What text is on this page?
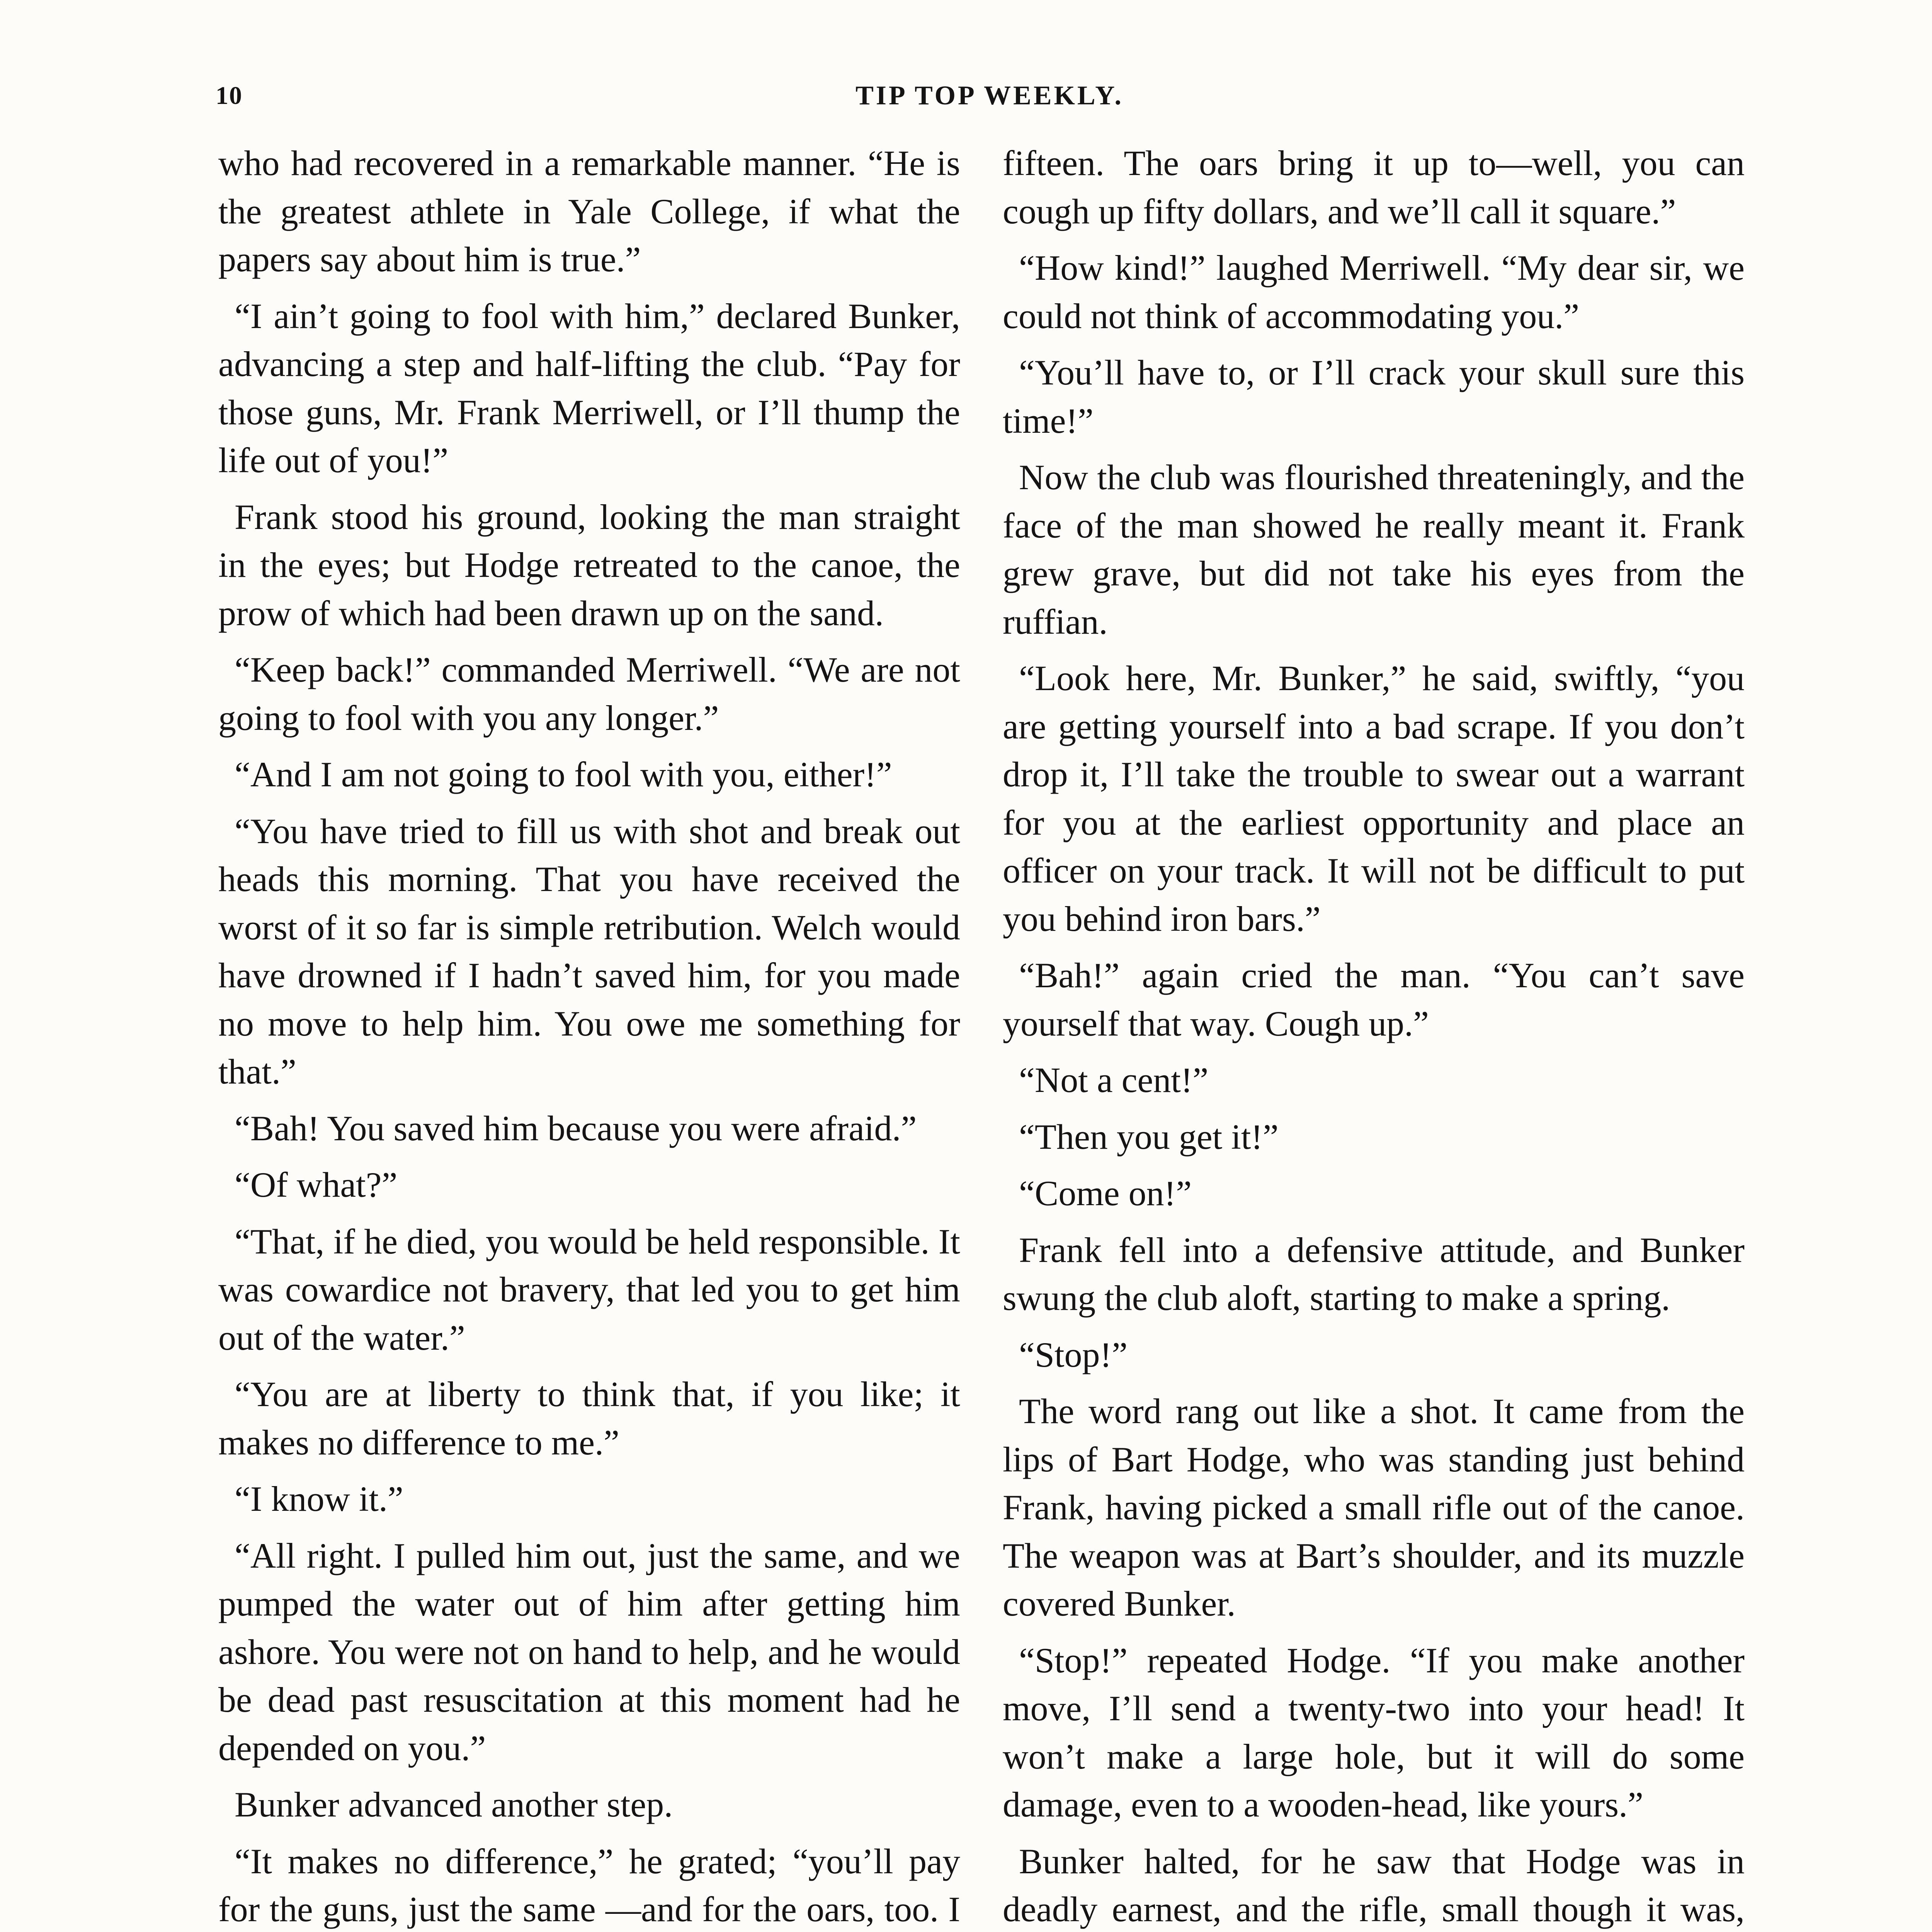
10	TIP TOP WEEKLY.

who had recovered in a remarkable manner. “He is the greatest athlete in Yale College, if what the papers say about him is true.”

“I ain’t going to fool with him,” declared Bunker, advancing a step and half-lifting the club. “Pay for those guns, Mr. Frank Merriwell, or I’ll thump the life out of you!”

Frank stood his ground, looking the man straight in the eyes; but Hodge retreated to the canoe, the prow of which had been drawn up on the sand.

“Keep back!” commanded Merriwell. “We are not going to fool with you any longer.”

“And I am not going to fool with you, either!”

“You have tried to fill us with shot and break out heads this morning. That you have received the worst of it so far is simple retribution. Welch would have drowned if I hadn’t saved him, for you made no move to help him. You owe me something for that.”

“Bah! You saved him because you were afraid.”

“Of what?”

“That, if he died, you would be held responsible. It was cowardice not bravery, that led you to get him out of the water.”

“You are at liberty to think that, if you like; it makes no difference to me.”

“I know it.”

“All right. I pulled him out, just the same, and we pumped the water out of him after getting him ashore. You were not on hand to help, and he would be dead past resuscitation at this moment had he depended on you.”

Bunker advanced another step.

“It makes no difference,” he grated; “you’ll pay for the guns, just the same —and for the oars, too. I

fifteen. The oars bring it up to—well, you can cough up fifty dollars, and we’ll call it square.”

“How kind!” laughed Merriwell. “My dear sir, we could not think of accommodating you.”

“You’ll have to, or I’ll crack your skull sure this time!”

Now the club was flourished threateningly, and the face of the man showed he really meant it. Frank grew grave, but did not take his eyes from the ruffian.

“Look here, Mr. Bunker,” he said, swiftly, “you are getting yourself into a bad scrape. If you don’t drop it, I’ll take the trouble to swear out a warrant for you at the earliest opportunity and place an officer on your track. It will not be difficult to put you behind iron bars.”

“Bah!” again cried the man. “You can’t save yourself that way. Cough up.”

“Not a cent!”

“Then you get it!”

“Come on!”

Frank fell into a defensive attitude, and Bunker swung the club aloft, starting to make a spring.

“Stop!”

The word rang out like a shot. It came from the lips of Bart Hodge, who was standing just behind Frank, having picked a small rifle out of the canoe. The weapon was at Bart’s shoulder, and its muzzle covered Bunker.

“Stop!” repeated Hodge. “If you make another move, I’ll send a twenty-two into your head! It won’t make a large hole, but it will do some damage, even to a wooden-head, like yours.”

Bunker halted, for he saw that Hodge was in deadly earnest, and the rifle, small though it was,
